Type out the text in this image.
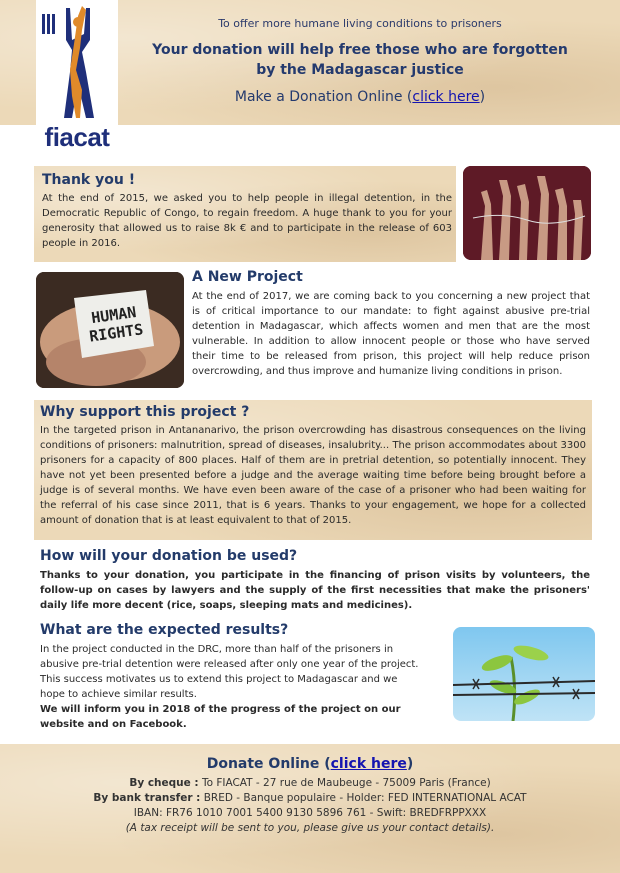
To offer more humane living conditions to prisoners
Your donation will help free those who are forgotten by the Madagascar justice
Make a Donation Online (click here)
fiacat
Thank you !
At the end of 2015, we asked you to help people in illegal detention, in the Democratic Republic of Congo, to regain freedom. A huge thank to you for your generosity that allowed us to raise 8k € and to participate in the release of 603 people in 2016.
HUMAN RIGHTS
A New Project
At the end of 2017, we are coming back to you concerning a new project that is of critical importance to our mandate: to fight against abusive pre-trial detention in Madagascar, which affects women and men that are the most vulnerable. In addition to allow innocent people or those who have served their time to be released from prison, this project will help reduce prison overcrowding, and thus improve and humanize living conditions in prison.
Why support this project ?
In the targeted prison in Antananarivo, the prison overcrowding has disastrous consequences on the living conditions of prisoners: malnutrition, spread of diseases, insalubrity... The prison accommodates about 3300 prisoners for a capacity of 800 places. Half of them are in pretrial detention, so potentially innocent. They have not yet been presented before a judge and the average waiting time before being brought before a judge is of several months. We have even been aware of the case of a prisoner who had been waiting for the referral of his case since 2011, that is 6 years. Thanks to your engagement, we hope for a collected amount of donation that is at least equivalent to that of 2015.
How will your donation be used?
Thanks to your donation, you participate in the financing of prison visits by volunteers, the follow-up on cases by lawyers and the supply of the first necessities that make the prisoners' daily life more decent (rice, soaps, sleeping mats and medicines).
What are the expected results?
In the project conducted in the DRC, more than half of the prisoners in abusive pre-trial detention were released after only one year of the project. This success motivates us to extend this project to Madagascar and we hope to achieve similar results.
We will inform you in 2018 of the progress of the project on our website and on Facebook.
Donate Online (click here)
By cheque : To FIACAT - 27 rue de Maubeuge - 75009 Paris (France)
By bank transfer : BRED - Banque populaire - Holder: FED INTERNATIONAL ACAT
IBAN: FR76 1010 7001 5400 9130 5896 761 - Swift: BREDFRPPXXX
(A tax receipt will be sent to you, please give us your contact details).
